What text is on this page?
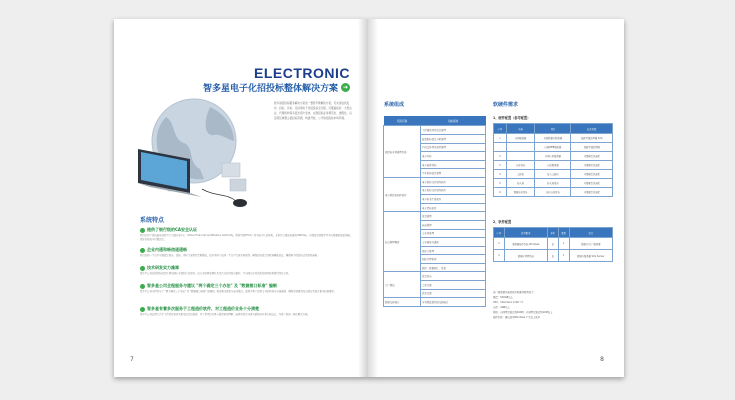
ELECTRONIC
智多星电子化招投标整体解决方案 ➜
智多星招投标服务解决方案是一整套平牌解决方案，可实现在线发布、投标、评标、定标等电子化招投标全过程，可覆盖政府、大型企业、代理机构等多层次用户需求，实现招标业务规范化、透明化，以及跨区域整合招投标资源，构建开放、公平的招投标市场环境。
系统特点
提供了银行级的CA安全认证
我们采用了国内最先进的中金金融认证中心（China Financial Certification Authority，简称中国CFCA）作为电子认证机构，采用具有国密标准的USB Key，实现信息的数字签名与数据的加密传输，保证系统安全可靠运行。
企业内通和畅信道通畅
我们在同一平台中实现信息发布、投标、评标等流程的完整集成，使各类用户在同一平台中完成业务操作，确保投标信息及时准确地送达，确保整个招投标过程高效流畅。
技术研发实力雄厚
智多星公司在招投标信息化领域拥有丰富的行业经验，由专业的研发团队负责产品的开发与维护，并与国内多所高校及研究机构保持深度合作。
智多星公司全程服务与建议 "两个确定三个办法" 及 "数据接口标准" 编制
智多星公司全程参与了 "两个确定三个办法" 及 "数据接口标准" 的编制，熟悉相关政策与技术规范，能够为用户提供专业的咨询与实施服务，确保系统建设符合国家及地方相关标准要求。
智多星有着多次服务于工程造价软件、对工程造价业务十分清楚
智多星公司长期专注于工程造价软件及相关信息化服务，对工程造价业务有着深刻的理解，能够将造价业务与招投标业务有机结合，为用户提供一体化解决方案。
7
系统组成	软硬件需求
系统名称	功能模块
招投标业务管理系统	工程建设项目信息管理
	监督指标信息分析管理
	产权交易项目流程管理
	电子开标
	电子辅助评标
	中介机构信息管理
电子招投标制作软件	电子招标文件制作软件
	电子投标文件制作软件
	电子标书生成软件
	电子清标软件
综合管理模块	信息管理
	商品管理
	专家库管理
	专家抽取与通知
	保证金管理
	招标代理机构
	操作、数据统计、报表
门户网站	信息发布
	会员注册
	意见反馈
数据交换接口	与省级监管系统交换接口
1、硬件配置（参考配置）
序号	名称	项目	技术参数
1	内网服务器	内网数据库服务器	双路至强处理器 32G
		内网WEB服务器	双路至强处理器
2		外网应用服务器	可根据需求选配
3	存储设备	存储服务器	可根据需求选配
4	交换机	接入交换机	可根据需求选配
5	防火墙	防火墙设备	可根据需求选配
6	数据备份设备	备份存储设备	可根据需求选配
2、软件配置
序号	软件配置	单位	数量	备注
1	服务器操作系统 Windows	套	1	数据库/门户服务器
2	数据库管理系统	套	1	数据库服务器 SQL Server
客户端需要具备的软件和硬件配置如下：
硬盘：500GB以上
CPU：Intel Xeon 2.8G * 2
内存：4GB以上
网络：内网带宽需达到100M，外网带宽需达到10M以上
操作系统：建议使用Windows 7 及以上版本
8
